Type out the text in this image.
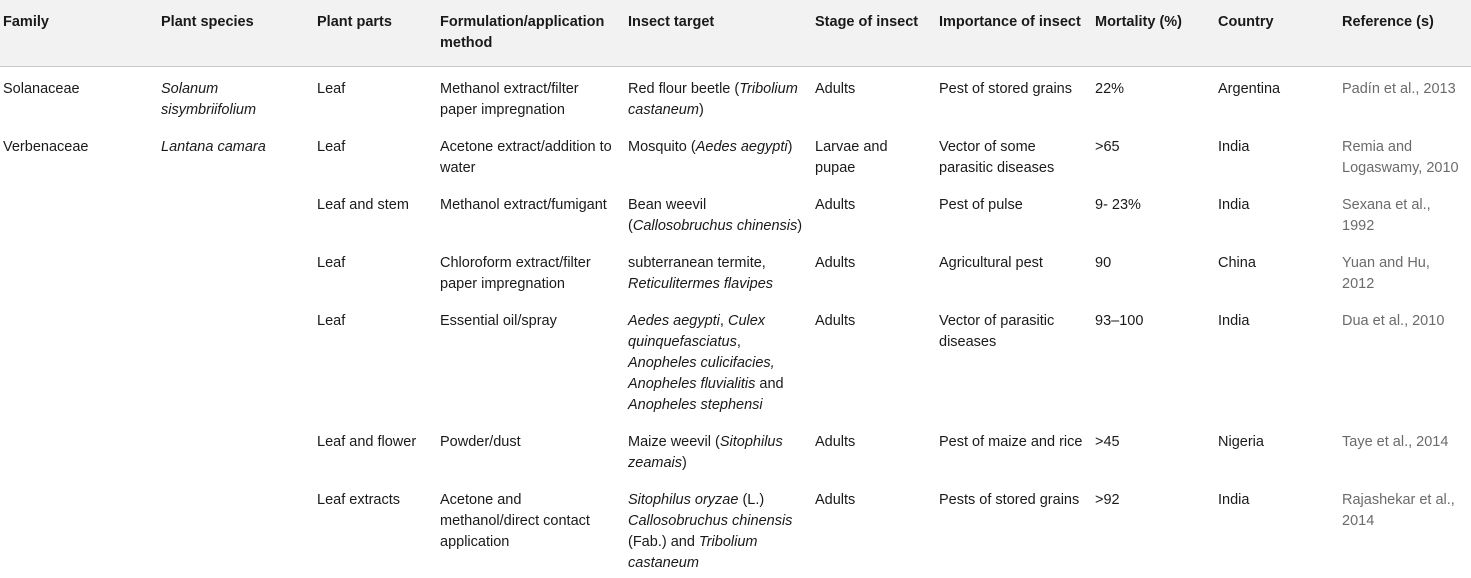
Family	Plant species	Plant parts	Formulation/application method	Insect target	Stage of insect	Importance of insect	Mortality (%)	Country	Reference (s)
Solanaceae	Solanum sisymbriifolium	Leaf	Methanol extract/filter paper impregnation	Red flour beetle (Tribolium castaneum)	Adults	Pest of stored grains	22%	Argentina	Padín et al., 2013
Verbenaceae	Lantana camara	Leaf	Acetone extract/addition to water	Mosquito (Aedes aegypti)	Larvae and pupae	Vector of some parasitic diseases	>65	India	Remia and Logaswamy, 2010
		Leaf and stem	Methanol extract/fumigant	Bean weevil (Callosobruchus chinensis)	Adults	Pest of pulse	9- 23%	India	Sexana et al., 1992
		Leaf	Chloroform extract/filter paper impregnation	subterranean termite, Reticulitermes flavipes	Adults	Agricultural pest	90	China	Yuan and Hu, 2012
		Leaf	Essential oil/spray	Aedes aegypti, Culex quinquefasciatus, Anopheles culicifacies, Anopheles fluvialitis and Anopheles stephensi	Adults	Vector of parasitic diseases	93–100	India	Dua et al., 2010
		Leaf and flower	Powder/dust	Maize weevil (Sitophilus zeamais)	Adults	Pest of maize and rice	>45	Nigeria	Taye et al., 2014
		Leaf extracts	Acetone and methanol/direct contact application	Sitophilus oryzae (L.) Callosobruchus chinensis (Fab.) and Tribolium castaneum	Adults	Pests of stored grains	>92	India	Rajashekar et al., 2014
